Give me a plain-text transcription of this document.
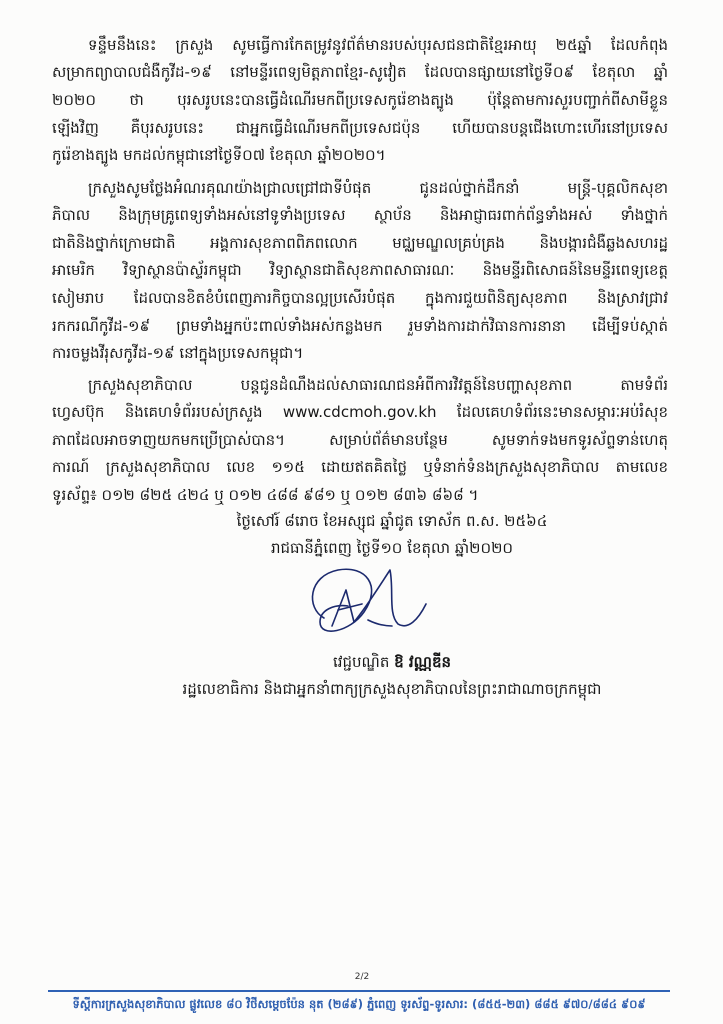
ទន្ទឹមនឹងនេះ ក្រសួង សូមធ្វើការកែតម្រូវនូវព័ត៌មានរបស់បុរសជនជាតិខ្មែរអាយុ ២៥ឆ្នាំ ដែលកំពុង
សម្រាកព្យាបាលជំងឺកូវីដ-១៩ នៅមន្ទីរពេទ្យមិត្តភាពខ្មែរ-សូវៀត ដែលបានផ្សាយនៅថ្ងៃទី០៩ ខែតុលា ឆ្នាំ
២០២០ ថា បុរសរូបនេះបានធ្វើដំណើរមកពីប្រទេសកូរ៉េខាងត្បូង ប៉ុន្តែតាមការសួរបញ្ជាក់ពីសាមីខ្លួន
ឡើងវិញ គឺបុរសរូបនេះ ជាអ្នកធ្វើដំណើរមកពីប្រទេសជប៉ុន ហើយបានបន្តជើងហោះហើរនៅប្រទេស
កូរ៉េខាងត្បូង មកដល់កម្ពុជានៅថ្ងៃទី០៧ ខែតុលា ឆ្នាំ២០២០។
ក្រសួងសូមថ្លែងអំណរគុណយ៉ាងជ្រាលជ្រៅជាទីបំផុត ជូនដល់ថ្នាក់ដឹកនាំ មន្ត្រី-បុគ្គលិកសុខា
ភិបាល និងក្រុមគ្រូពេទ្យទាំងអស់នៅទូទាំងប្រទេស ស្ថាប័ន និងអាជ្ញាធរពាក់ព័ន្ធទាំងអស់ ទាំងថ្នាក់
ជាតិនិងថ្នាក់ក្រោមជាតិ អង្គការសុខភាពពិភពលោក មជ្ឈមណ្ឌលគ្រប់គ្រង និងបង្ការជំងឺឆ្លងសហរដ្ឋ
អាមេរិក វិទ្យាស្ថានប៉ាស្ទ័រកម្ពុជា វិទ្យាស្ថានជាតិសុខភាពសាធារណៈ និងមន្ទីរពិសោធន៍នៃមន្ទីរពេទ្យខេត្ត
សៀមរាប ដែលបានខិតខំបំពេញភារកិច្ចបានល្អប្រសើរបំផុត ក្នុងការជួយពិនិត្យសុខភាព និងស្រាវជ្រាវ
រកករណីកូវីដ-១៩ ព្រមទាំងអ្នកប៉ះពាល់ទាំងអស់កន្លងមក រួមទាំងការដាក់វិធានការនានា ដើម្បីទប់ស្កាត់
ការចម្លងវីរុសកូវីដ-១៩ នៅក្នុងប្រទេសកម្ពុជា។
ក្រសួងសុខាភិបាល បន្តជូនដំណឹងដល់សាធារណជនអំពីការវិវត្តន៍នៃបញ្ហាសុខភាព តាមទំព័រ
ហ្វេសប៊ុក និងគេហទំព័ររបស់ក្រសួង www.cdcmoh.gov.kh ដែលគេហទំព័រនេះមានសម្ភារៈអប់រំសុខ
ភាពដែលអាចទាញយកមកប្រើប្រាស់បាន។ សម្រាប់ព័ត៌មានបន្ថែម សូមទាក់ទងមកទូរស័ព្ទទាន់ហេតុ
ការណ៍ ក្រសួងសុខាភិបាល លេខ ១១៥ ដោយឥតគិតថ្លៃ ឬទំនាក់ទំនងក្រសួងសុខាភិបាល តាមលេខ
ទូរស័ព្ទ៖ ០១២ ៨២៥ ៤២៤ ឬ ០១២ ៤៨៨ ៩៨១ ឬ ០១២ ៨៣៦ ៨៦៨ ។
ថ្ងៃសៅរ៍ ៨រោច ខែអស្សុជ ឆ្នាំជូត ទោស័ក ព.ស. ២៥៦៤
រាជធានីភ្នំពេញ ថ្ងៃទី១០ ខែតុលា ឆ្នាំ២០២០
វេជ្ជបណ្ឌិត ឱ វណ្ណឌីន
រដ្ឋលេខាធិការ និងជាអ្នកនាំពាក្យក្រសួងសុខាភិបាលនៃព្រះរាជាណាចក្រកម្ពុជា
2/2
ទីស្តីការក្រសួងសុខាភិបាល ផ្លូវលេខ ៨០ វិថីសម្តេចប៉ែន នុត (២៨៩) ភ្នំពេញ ទូរស័ព្ទ-ទូរសារ: (៨៥៥-២៣) ៨៨៥ ៩៧០/៨៨៤ ៩០៩
